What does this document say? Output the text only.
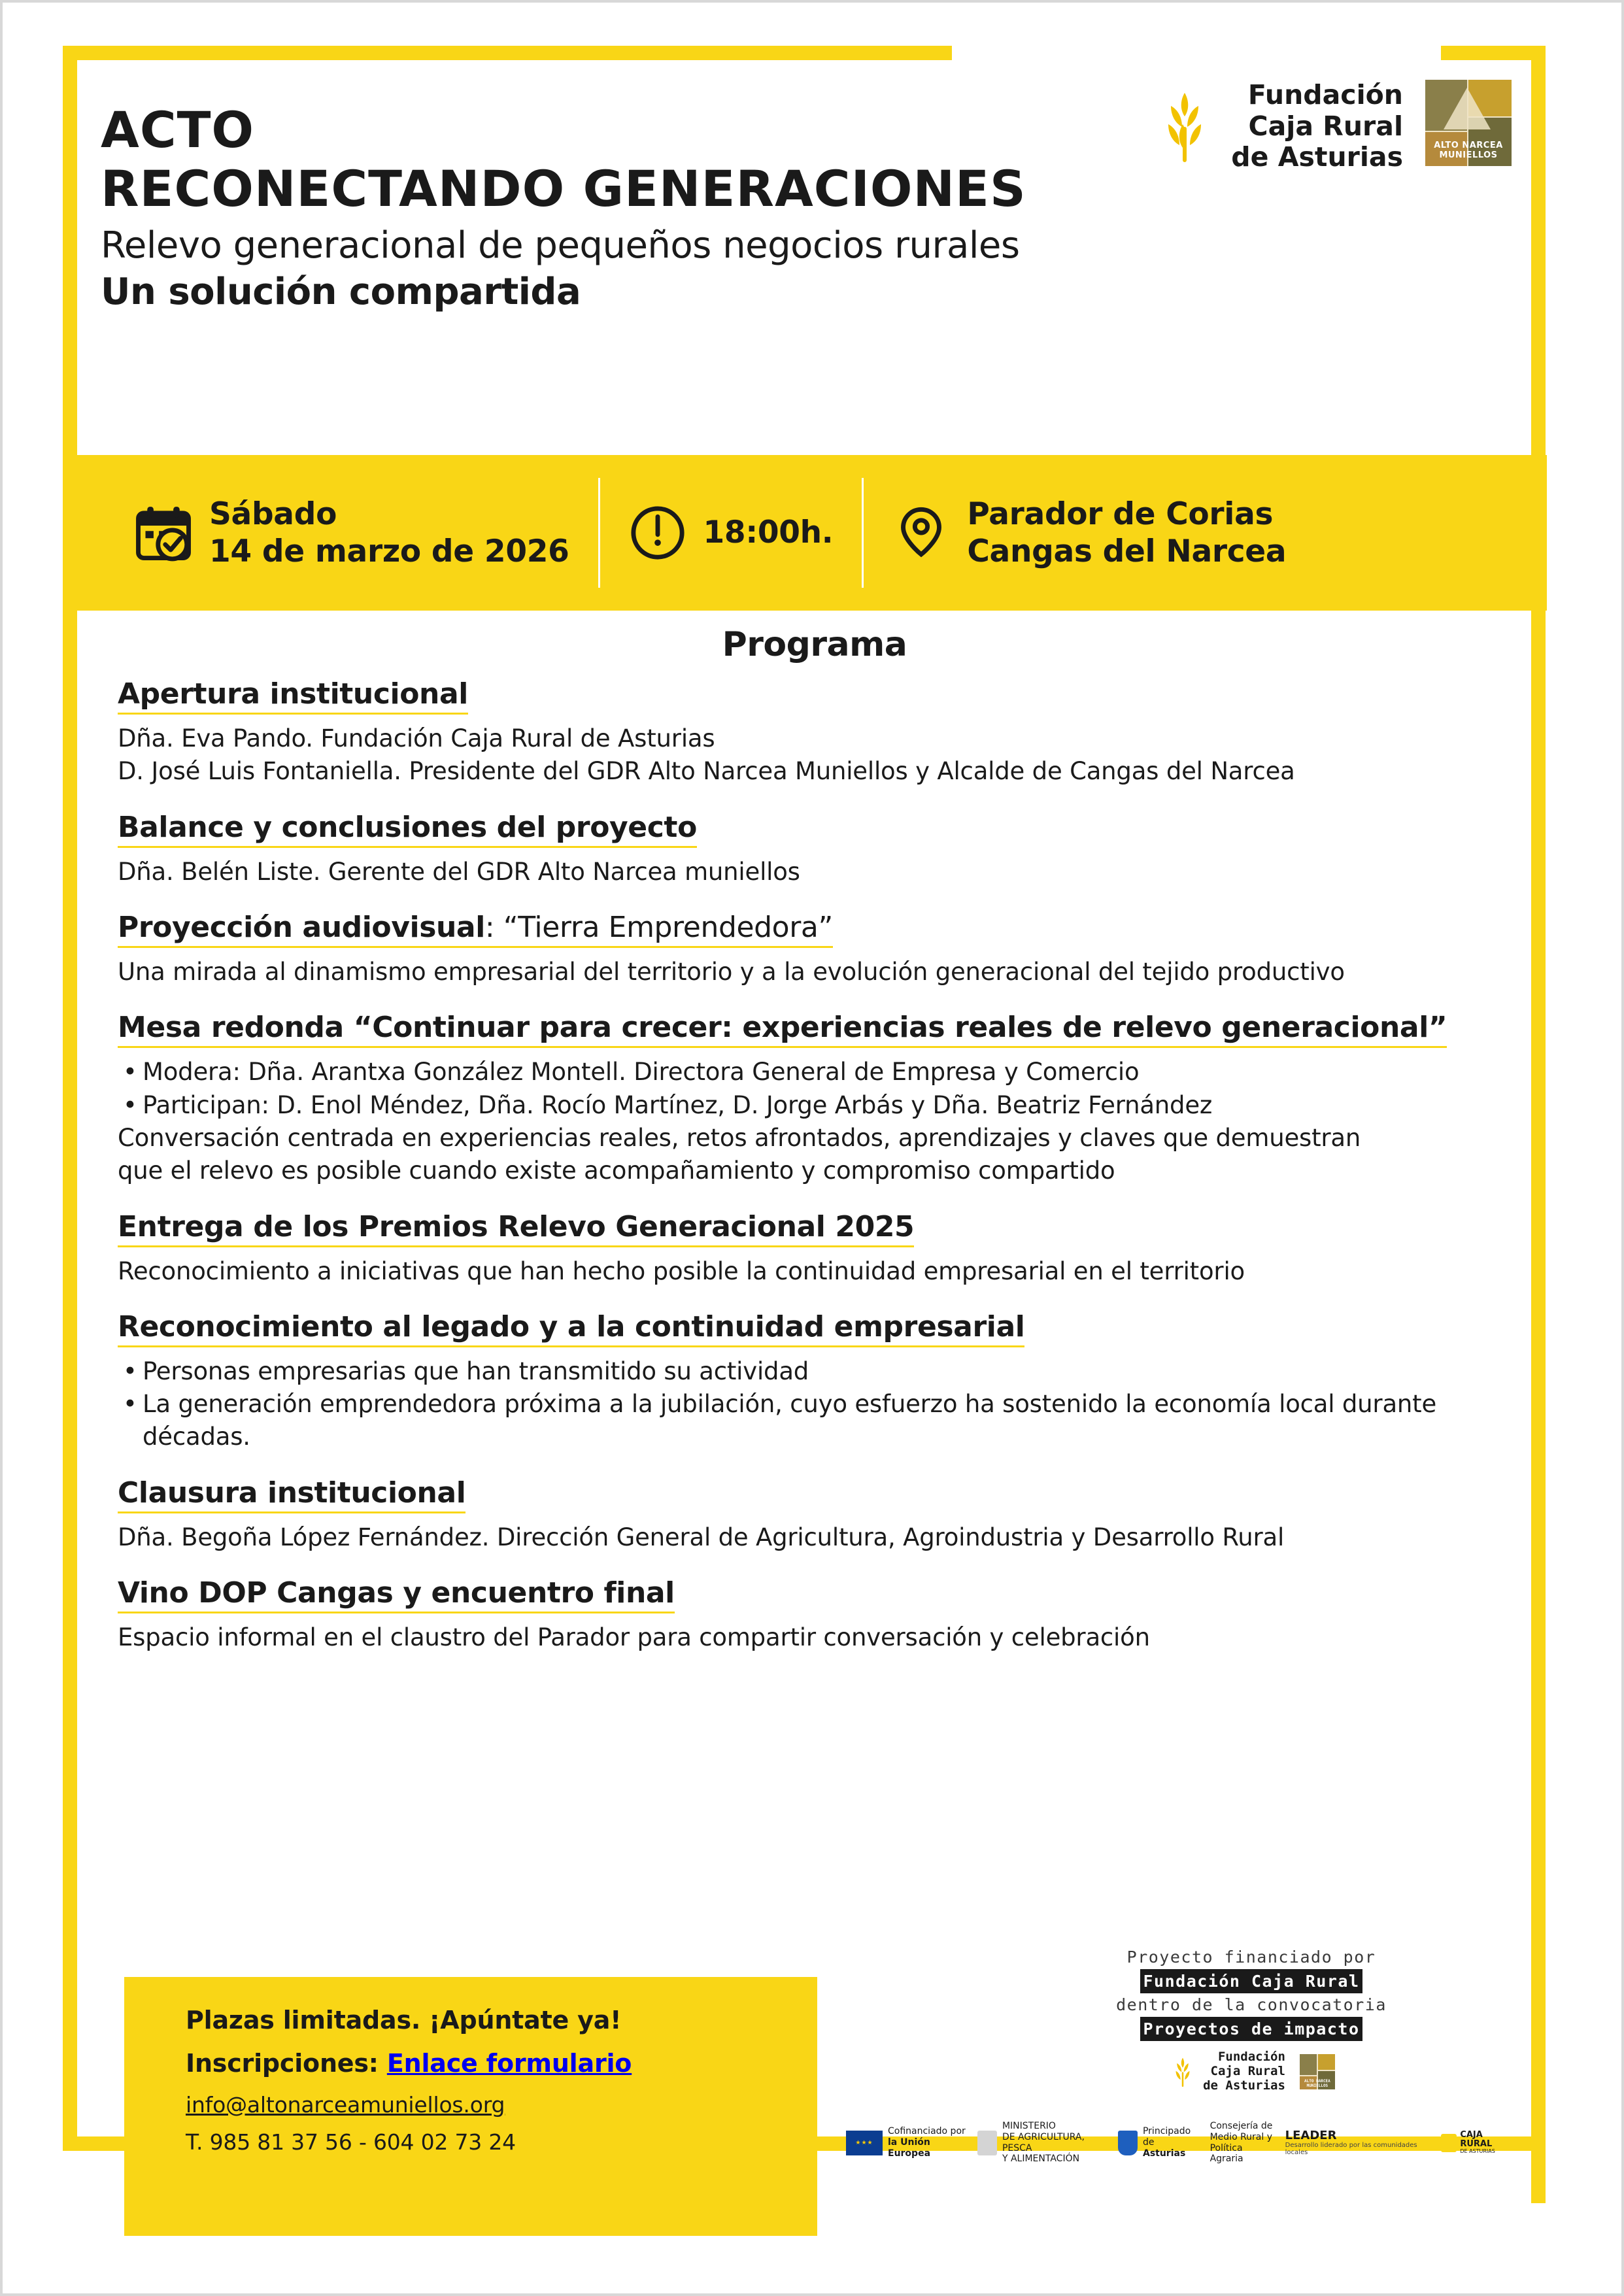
ACTO
RECONECTANDO GENERACIONES
Relevo generacional de pequeños negocios rurales
Un solución compartida
Fundación
Caja Rural
de Asturias	ALTO NARCEA
MUNIELLOS
Sábado
14 de marzo de 2026
18:00h.
Parador de Corias
Cangas del Narcea
Programa
Apertura institucional

Dña. Eva Pando. Fundación Caja Rural de Asturias

D. José Luis Fontaniella. Presidente del GDR Alto Narcea Muniellos y Alcalde de Cangas del Narcea

Balance y conclusiones del proyecto

Dña. Belén Liste. Gerente del GDR Alto Narcea muniellos

Proyección audiovisual: “Tierra Emprendedora”

Una mirada al dinamismo empresarial del territorio y a la evolución generacional del tejido productivo

Mesa redonda “Continuar para crecer: experiencias reales de relevo generacional”
• Modera: Dña. Arantxa González Montell. Directora General de Empresa y Comercio
• Participan: D. Enol Méndez, Dña. Rocío Martínez, D. Jorge Arbás y Dña. Beatriz Fernández

Conversación centrada en experiencias reales, retos afrontados, aprendizajes y claves que demuestran

que el relevo es posible cuando existe acompañamiento y compromiso compartido

Entrega de los Premios Relevo Generacional 2025

Reconocimiento a iniciativas que han hecho posible la continuidad empresarial en el territorio

Reconocimiento al legado y a la continuidad empresarial
• Personas empresarias que han transmitido su actividad
• La generación emprendedora próxima a la jubilación, cuyo esfuerzo ha sostenido la economía local durante décadas.
Clausura institucional

Dña. Begoña López Fernández. Dirección General de Agricultura, Agroindustria y Desarrollo Rural

Vino DOP Cangas y encuentro final

Espacio informal en el claustro del Parador para compartir conversación y celebración

Plazas limitadas. ¡Apúntate ya!
Inscripciones: Enlace formulario
info@altonarceamuniellos.org
T. 985 81 37 56 - 604 02 73 24
Proyecto financiado por
Fundación Caja Rural
dentro de la convocatoria
Proyectos de impacto
Fundación
Caja Rural
de Asturias	ALTO NARCEA
MUNIELLOS
★★★
Cofinanciado por
la Unión Europea
MINISTERIO
DE AGRICULTURA, PESCA
Y ALIMENTACIÓN
Principado de
Asturias
Consejería de
Medio Rural y
Política Agraria
LEADER
Desarrollo liderado por las comunidades locales
CAJA RURAL
DE ASTURIAS
